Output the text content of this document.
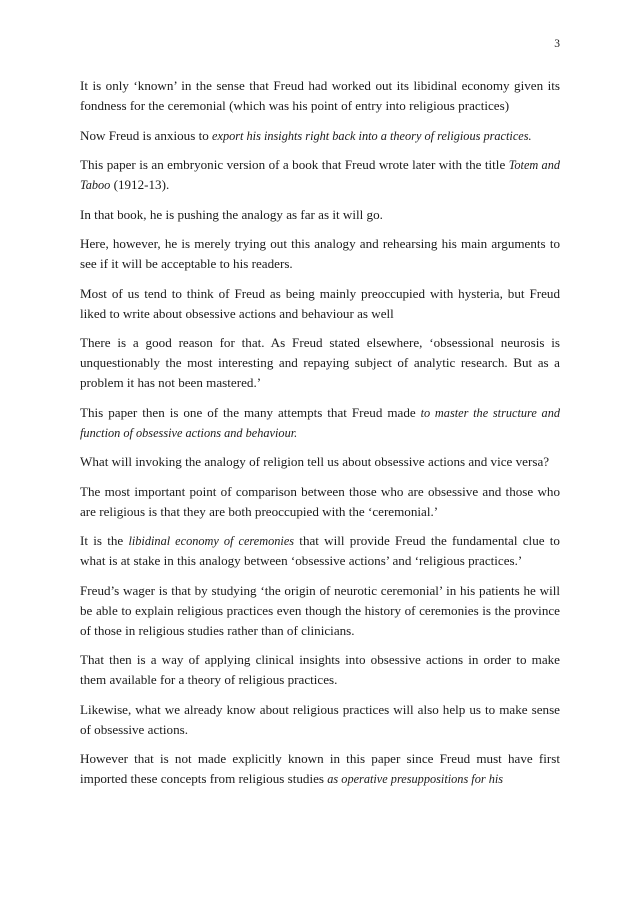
3

It is only ‘known’ in the sense that Freud had worked out its libidinal economy given its fondness for the ceremonial (which was his point of entry into religious practices)

Now Freud is anxious to export his insights right back into a theory of religious practices.

This paper is an embryonic version of a book that Freud wrote later with the title Totem and Taboo (1912-13).

In that book, he is pushing the analogy as far as it will go.

Here, however, he is merely trying out this analogy and rehearsing his main arguments to see if it will be acceptable to his readers.

Most of us tend to think of Freud as being mainly preoccupied with hysteria, but Freud liked to write about obsessive actions and behaviour as well

There is a good reason for that. As Freud stated elsewhere, ‘obsessional neurosis is unquestionably the most interesting and repaying subject of analytic research. But as a problem it has not been mastered.’

This paper then is one of the many attempts that Freud made to master the structure and function of obsessive actions and behaviour.

What will invoking the analogy of religion tell us about obsessive actions and vice versa?

The most important point of comparison between those who are obsessive and those who are religious is that they are both preoccupied with the ‘ceremonial.’

It is the libidinal economy of ceremonies that will provide Freud the fundamental clue to what is at stake in this analogy between ‘obsessive actions’ and ‘religious practices.’

Freud’s wager is that by studying ‘the origin of neurotic ceremonial’ in his patients he will be able to explain religious practices even though the history of ceremonies is the province of those in religious studies rather than of clinicians.

That then is a way of applying clinical insights into obsessive actions in order to make them available for a theory of religious practices.

Likewise, what we already know about religious practices will also help us to make sense of obsessive actions.

However that is not made explicitly known in this paper since Freud must have first imported these concepts from religious studies as operative presuppositions for his
